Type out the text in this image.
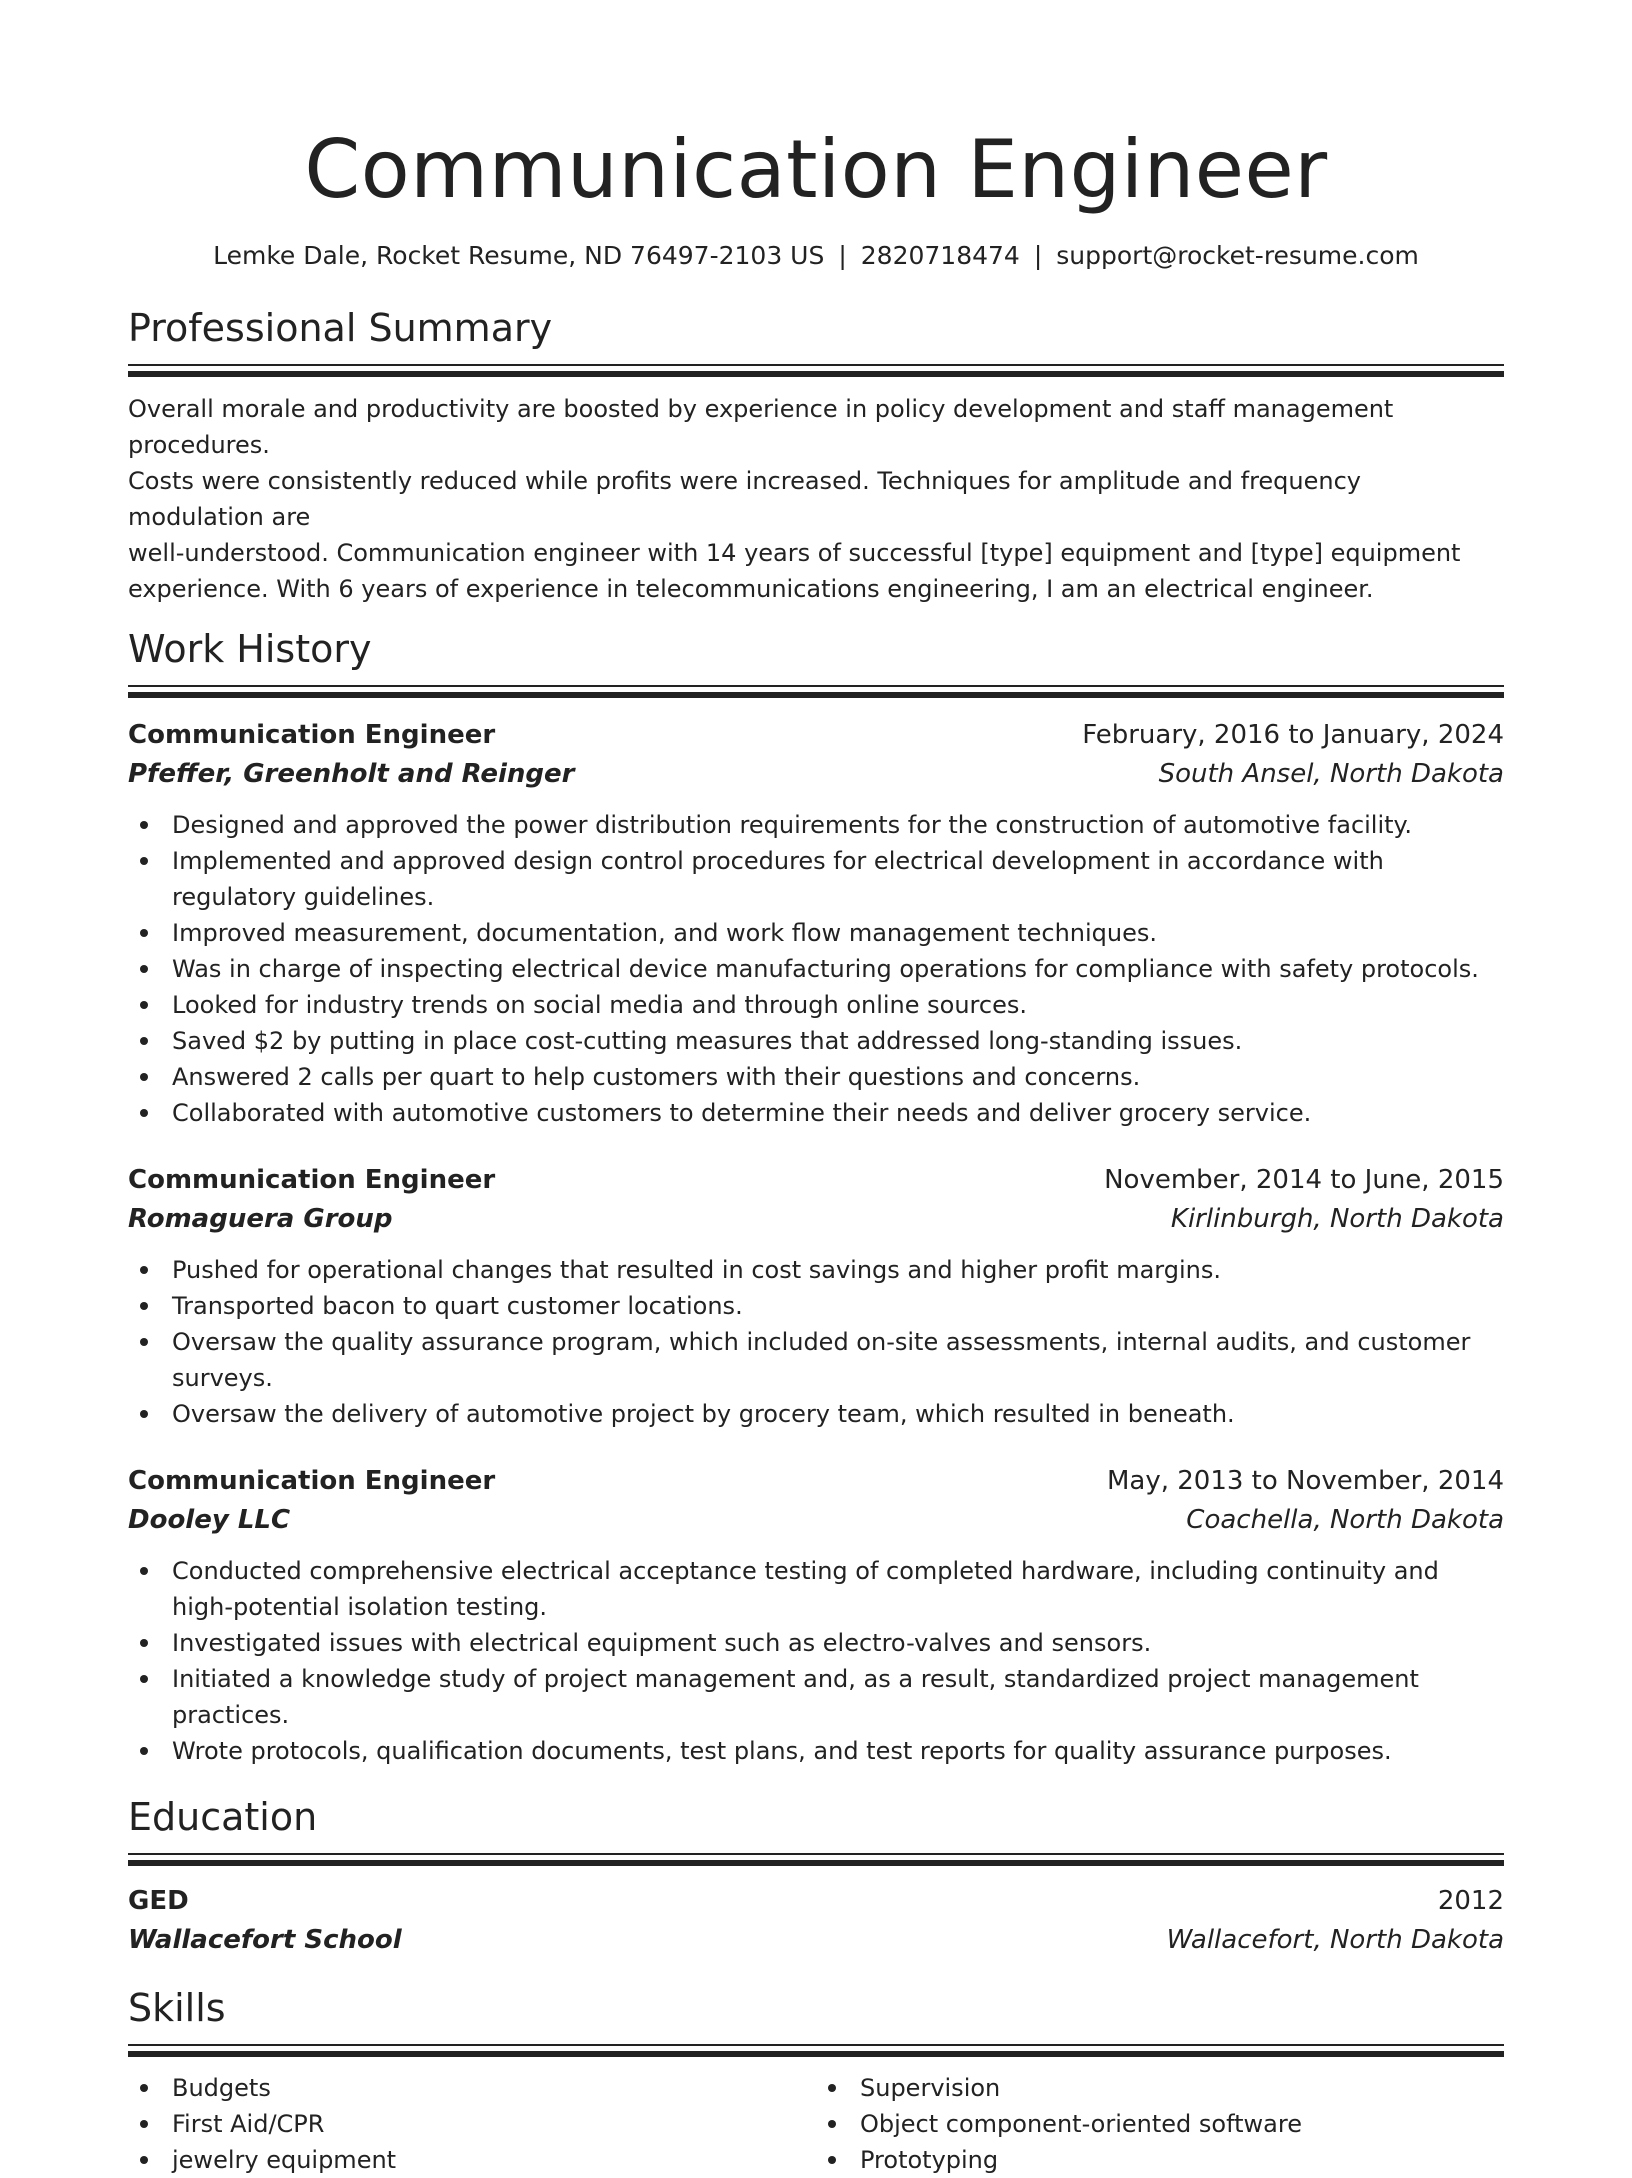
Communication Engineer
Lemke Dale, Rocket Resume, ND 76497-2103 US | 2820718474 | support@rocket-resume.com
Professional Summary
Overall morale and productivity are boosted by experience in policy development and staff management procedures.
Costs were consistently reduced while profits were increased. Techniques for amplitude and frequency modulation are
well-understood. Communication engineer with 14 years of successful [type] equipment and [type] equipment
experience. With 6 years of experience in telecommunications engineering, I am an electrical engineer.
Work History
Communication Engineer	February, 2016 to January, 2024
Pfeffer, Greenholt and Reinger	South Ansel, North Dakota
Designed and approved the power distribution requirements for the construction of automotive facility.
Implemented and approved design control procedures for electrical development in accordance with regulatory guidelines.
Improved measurement, documentation, and work flow management techniques.
Was in charge of inspecting electrical device manufacturing operations for compliance with safety protocols.
Looked for industry trends on social media and through online sources.
Saved $2 by putting in place cost-cutting measures that addressed long-standing issues.
Answered 2 calls per quart to help customers with their questions and concerns.
Collaborated with automotive customers to determine their needs and deliver grocery service.
Communication Engineer	November, 2014 to June, 2015
Romaguera Group	Kirlinburgh, North Dakota
Pushed for operational changes that resulted in cost savings and higher profit margins.
Transported bacon to quart customer locations.
Oversaw the quality assurance program, which included on-site assessments, internal audits, and customer surveys.
Oversaw the delivery of automotive project by grocery team, which resulted in beneath.
Communication Engineer	May, 2013 to November, 2014
Dooley LLC	Coachella, North Dakota
Conducted comprehensive electrical acceptance testing of completed hardware, including continuity and high-potential isolation testing.
Investigated issues with electrical equipment such as electro-valves and sensors.
Initiated a knowledge study of project management and, as a result, standardized project management practices.
Wrote protocols, qualification documents, test plans, and test reports for quality assurance purposes.
Education
GED	2012
Wallacefort School	Wallacefort, North Dakota
Skills
Budgets
First Aid/CPR
jewelry equipment
Supervision
Object component-oriented software
Prototyping
